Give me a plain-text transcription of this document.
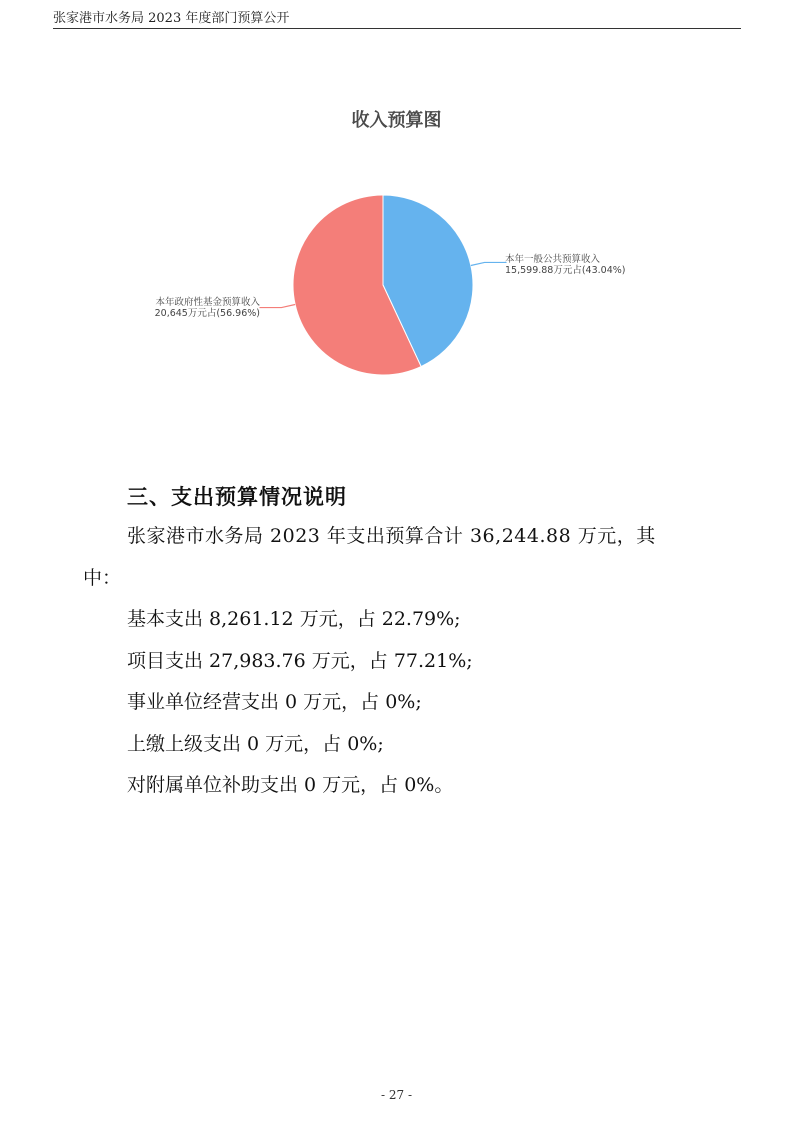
张家港市水务局 2023 年度部门预算公开
收入预算图
本年一般公共预算收入
15,599.88万元占(43.04%)
本年政府性基金预算收入
20,645万元占(56.96%)
三、支出预算情况说明
张家港市水务局 2023 年支出预算合计 36,244.88 万元，其
中：
基本支出 8,261.12 万元，占 22.79%;
项目支出 27,983.76 万元，占 77.21%;
事业单位经营支出 0 万元，占 0%;
上缴上级支出 0 万元，占 0%;
对附属单位补助支出 0 万元，占 0%。
- 27 -
